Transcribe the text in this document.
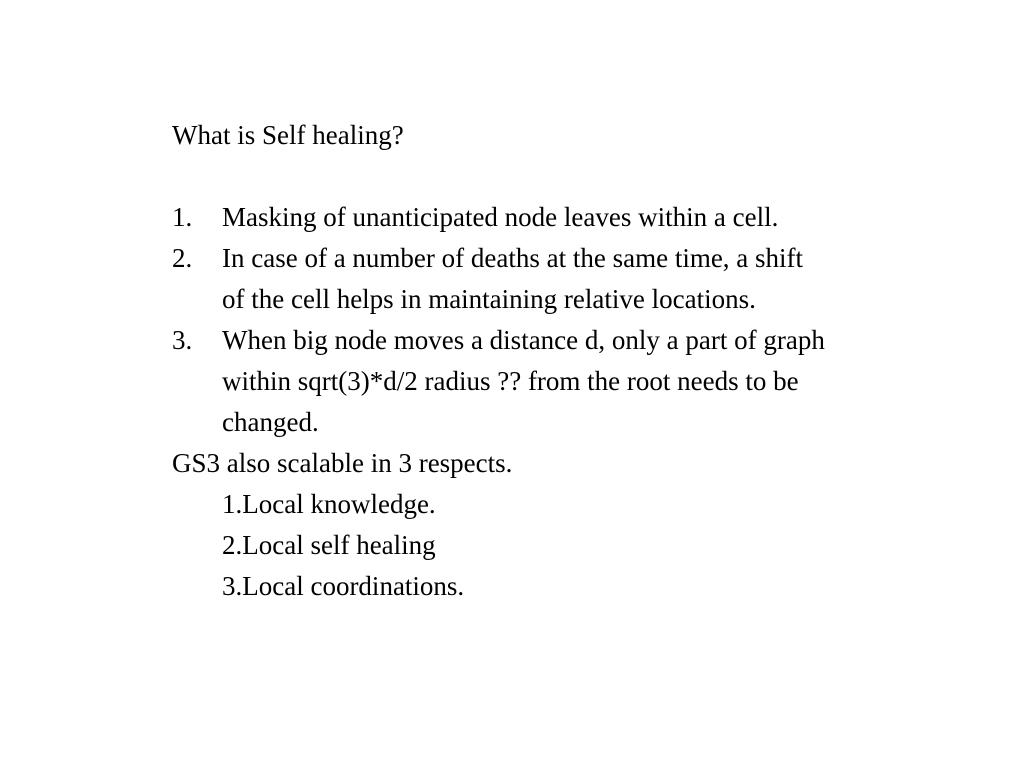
What is Self healing?
1.	Masking of unanticipated node leaves within a cell.
2.	In case of a number of deaths at the same time, a shift
of the cell helps in maintaining relative locations.
3.	When big node moves a distance d, only a part of graph
within sqrt(3)*d/2 radius ?? from the root needs to be
changed.
GS3 also scalable in 3 respects.
1.Local knowledge.
2.Local self healing
3.Local coordinations.
